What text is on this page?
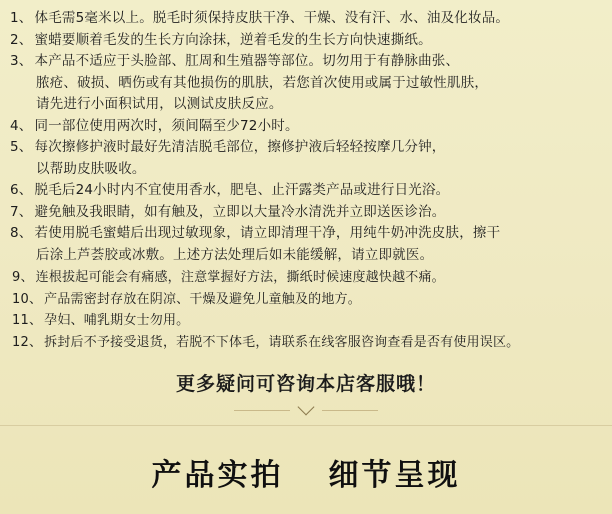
1、 体毛需5毫米以上。脱毛时须保持皮肤干净、干燥、没有汗、水、油及化妆品。
2、 蜜蜡要顺着毛发的生长方向涂抹，逆着毛发的生长方向快速撕纸。
3、 本产品不适应于头脸部、肛周和生殖器等部位。切勿用于有静脉曲张、
脓疮、破损、晒伤或有其他损伤的肌肤，若您首次使用或属于过敏性肌肤，
请先进行小面积试用，以测试皮肤反应。
4、 同一部位使用两次时，须间隔至少72小时。
5、 每次擦修护液时最好先清洁脱毛部位，擦修护液后轻轻按摩几分钟，
以帮助皮肤吸收。
6、 脱毛后24小时内不宜使用香水，肥皂、止汗露类产品或进行日光浴。
7、 避免触及我眼睛，如有触及，立即以大量冷水清洗并立即送医诊治。
8、 若使用脱毛蜜蜡后出现过敏现象，请立即清理干净，用纯牛奶冲洗皮肤，擦干
后涂上芦荟胶或冰敷。上述方法处理后如未能缓解，请立即就医。
9、 连根拔起可能会有痛感，注意掌握好方法，撕纸时候速度越快越不痛。
10、 产品需密封存放在阴凉、干燥及避免儿童触及的地方。
11、 孕妇、哺乳期女士勿用。
12、 拆封后不予接受退货，若脱不下体毛，请联系在线客服咨询查看是否有使用误区。
更多疑问可咨询本店客服哦！
产品实拍 细节呈现
